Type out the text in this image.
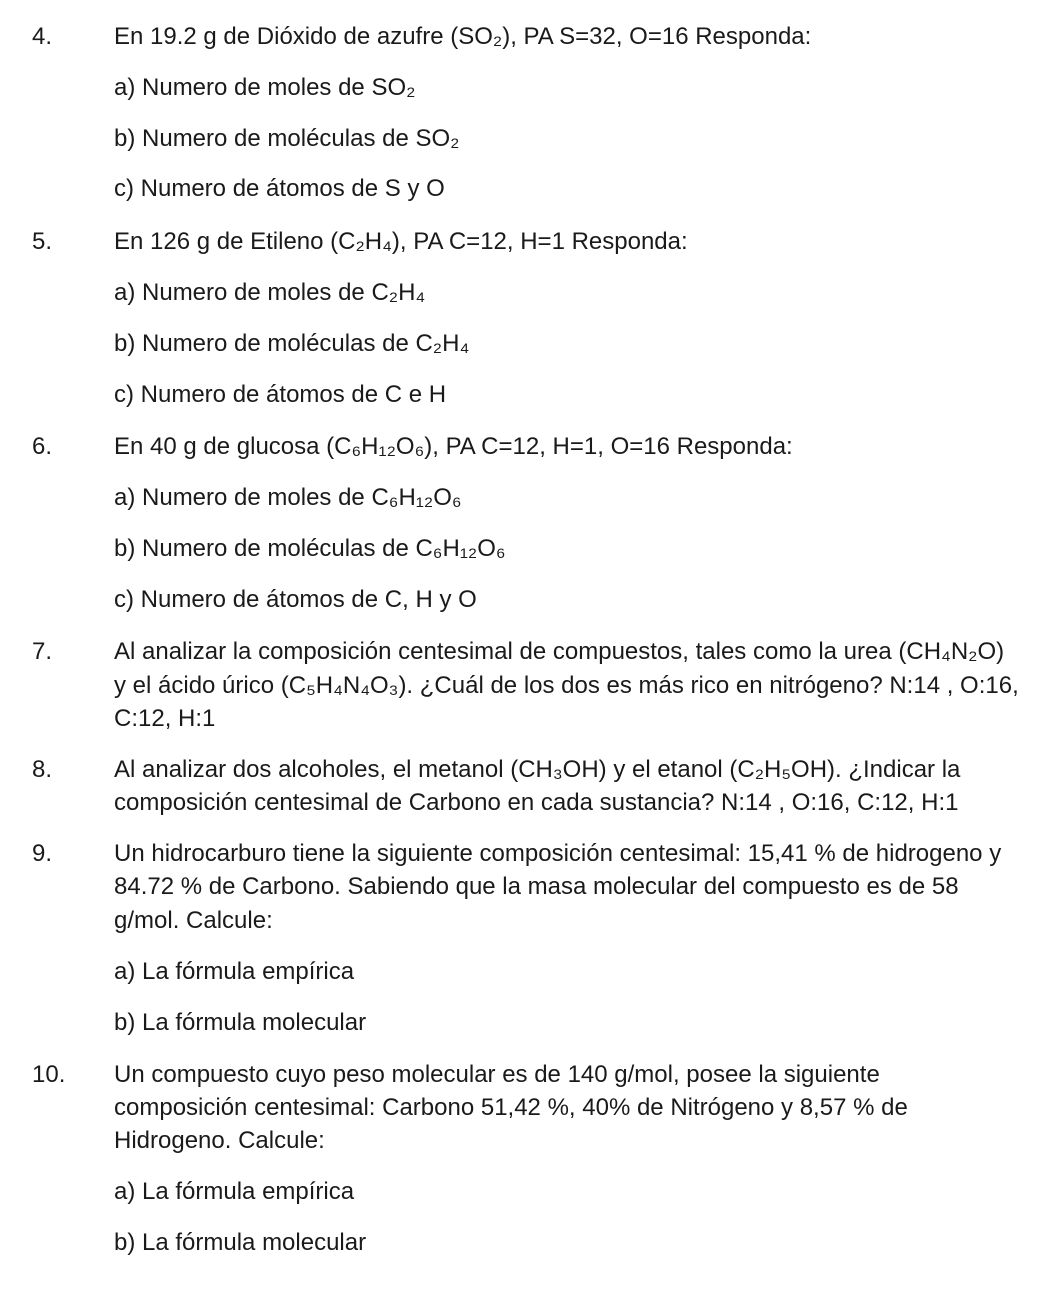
4.	En 19.2 g de Dióxido de azufre (SO₂), PA S=32, O=16 Responda:
a) Numero de moles de SO₂
b) Numero de moléculas de SO₂
c) Numero de átomos de S y O
5.	En 126 g de Etileno (C₂H₄), PA C=12, H=1 Responda:
a) Numero de moles de C₂H₄
b) Numero de moléculas de C₂H₄
c) Numero de átomos de C e H
6.	En 40 g de glucosa (C₆H₁₂O₆), PA C=12, H=1, O=16 Responda:
a) Numero de moles de C₆H₁₂O₆
b) Numero de moléculas de C₆H₁₂O₆
c) Numero de átomos de C, H y O
7.	Al analizar la composición centesimal de compuestos, tales como la urea (CH₄N₂O)
y el ácido úrico (C₅H₄N₄O₃). ¿Cuál de los dos es más rico en nitrógeno? N:14 , O:16,
C:12, H:1
8.	Al analizar dos alcoholes, el metanol (CH₃OH) y el etanol (C₂H₅OH). ¿Indicar la
composición centesimal de Carbono en cada sustancia? N:14 , O:16, C:12, H:1
9.	Un hidrocarburo tiene la siguiente composición centesimal: 15,41 % de hidrogeno y
84.72 % de Carbono. Sabiendo que la masa molecular del compuesto es de 58
g/mol. Calcule:
a) La fórmula empírica
b) La fórmula molecular
10. Un compuesto cuyo peso molecular es de 140 g/mol, posee la siguiente
composición centesimal: Carbono 51,42 %, 40% de Nitrógeno y 8,57 % de
Hidrogeno. Calcule:
a) La fórmula empírica
b) La fórmula molecular
